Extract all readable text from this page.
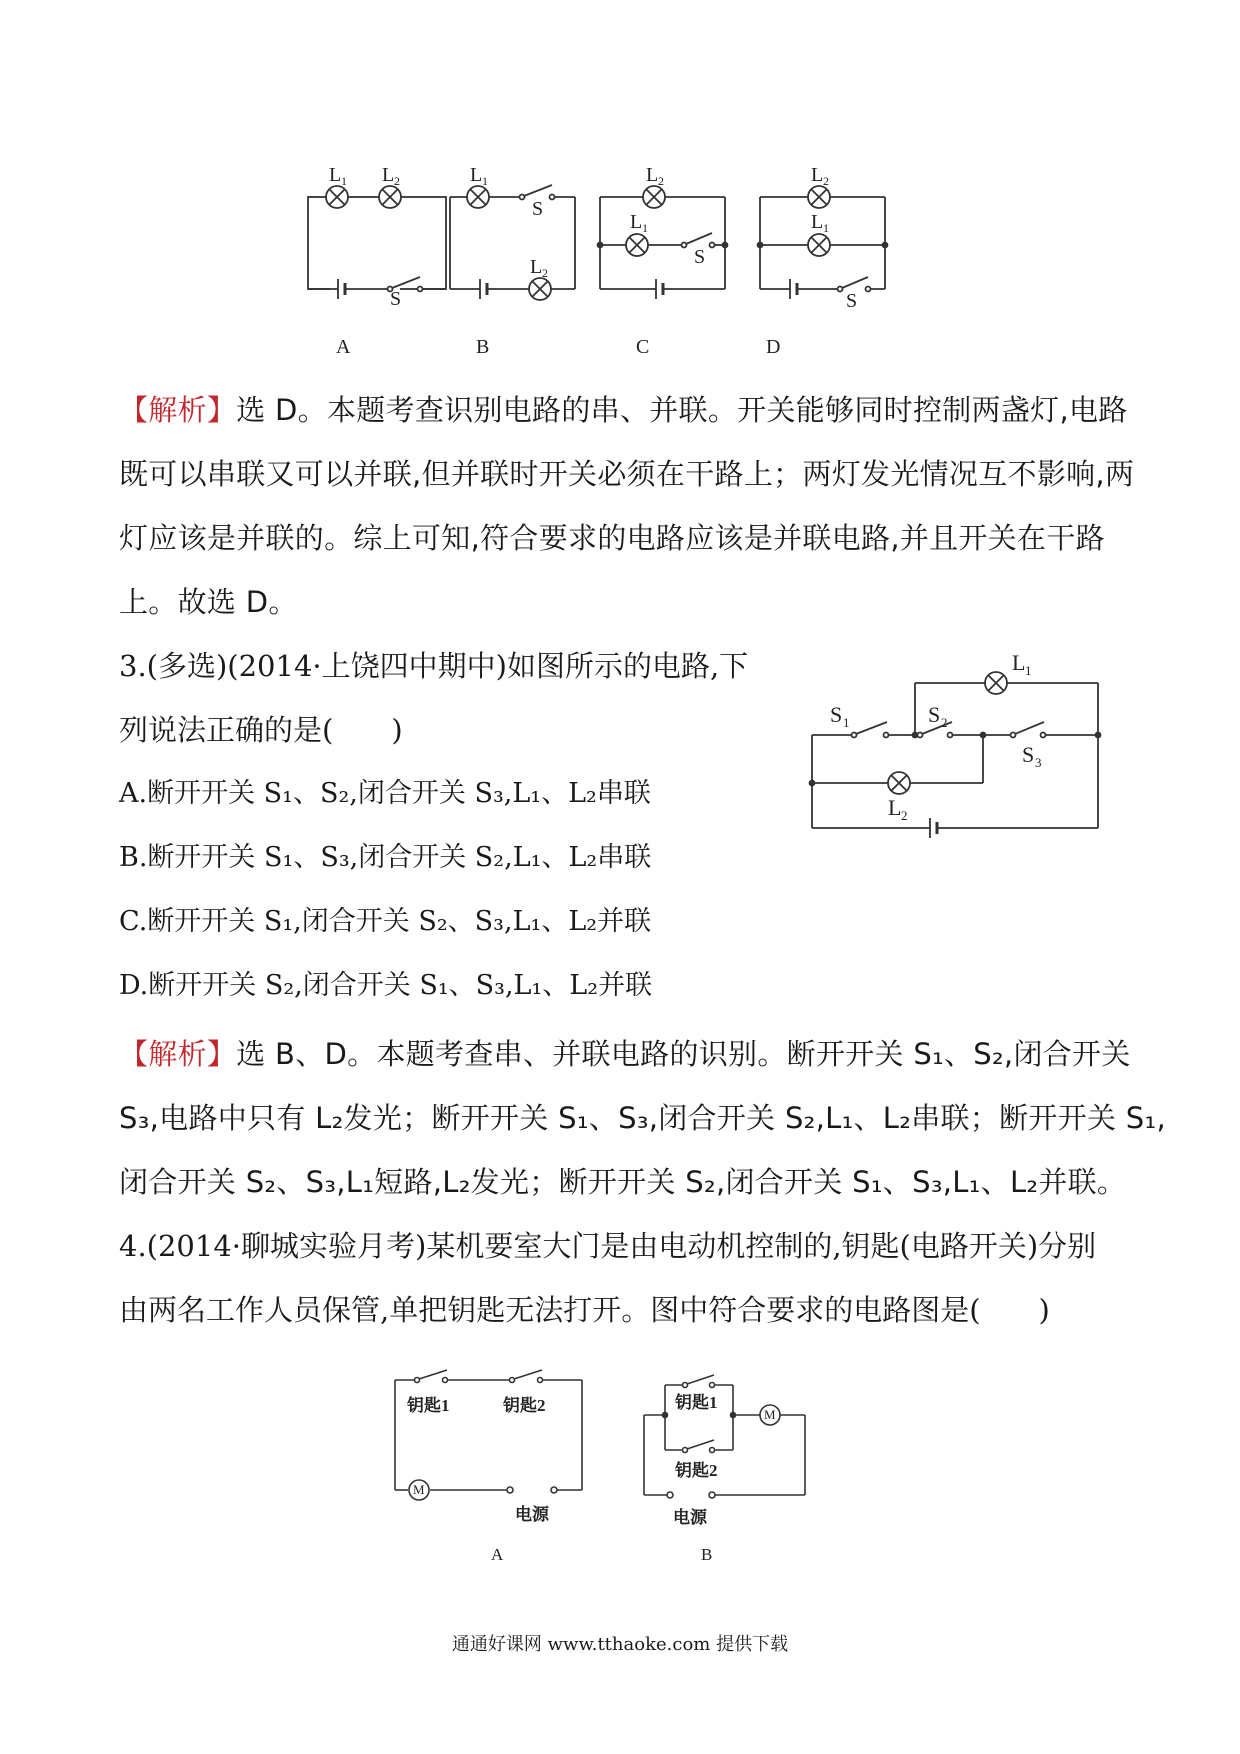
L 1 L 2
S
A
L 1
S
L 2
B
L 2
L 1
S
C
L 2
L 1
S
D
【解析】选 D。本题考查识别电路的串、并联。开关能够同时控制两盏灯,电路
既可以串联又可以并联,但并联时开关必须在干路上；两灯发光情况互不影响,两
灯应该是并联的。综上可知,符合要求的电路应该是并联电路,并且开关在干路
上。故选 D。
3.(多选)(2014·上饶四中期中)如图所示的电路,下
列说法正确的是(　　)
A.断开开关 S₁、S₂,闭合开关 S₃,L₁、L₂串联
B.断开开关 S₁、S₃,闭合开关 S₂,L₁、L₂串联
C.断开开关 S₁,闭合开关 S₂、S₃,L₁、L₂并联
D.断开开关 S₂,闭合开关 S₁、S₃,L₁、L₂并联
L 1
S 1	S 2
S 3
L 2
【解析】选 B、D。本题考查串、并联电路的识别。断开开关 S₁、S₂,闭合开关
S₃,电路中只有 L₂发光；断开开关 S₁、S₃,闭合开关 S₂,L₁、L₂串联；断开开关 S₁,
闭合开关 S₂、S₃,L₁短路,L₂发光；断开开关 S₂,闭合开关 S₁、S₃,L₁、L₂并联。
4.(2014·聊城实验月考)某机要室大门是由电动机控制的,钥匙(电路开关)分别
由两名工作人员保管,单把钥匙无法打开。图中符合要求的电路图是(　　)
M
钥匙1	钥匙2
电源
A
M
钥匙1
钥匙2
电源
B
通通好课网 www.tthaoke.com 提供下载
